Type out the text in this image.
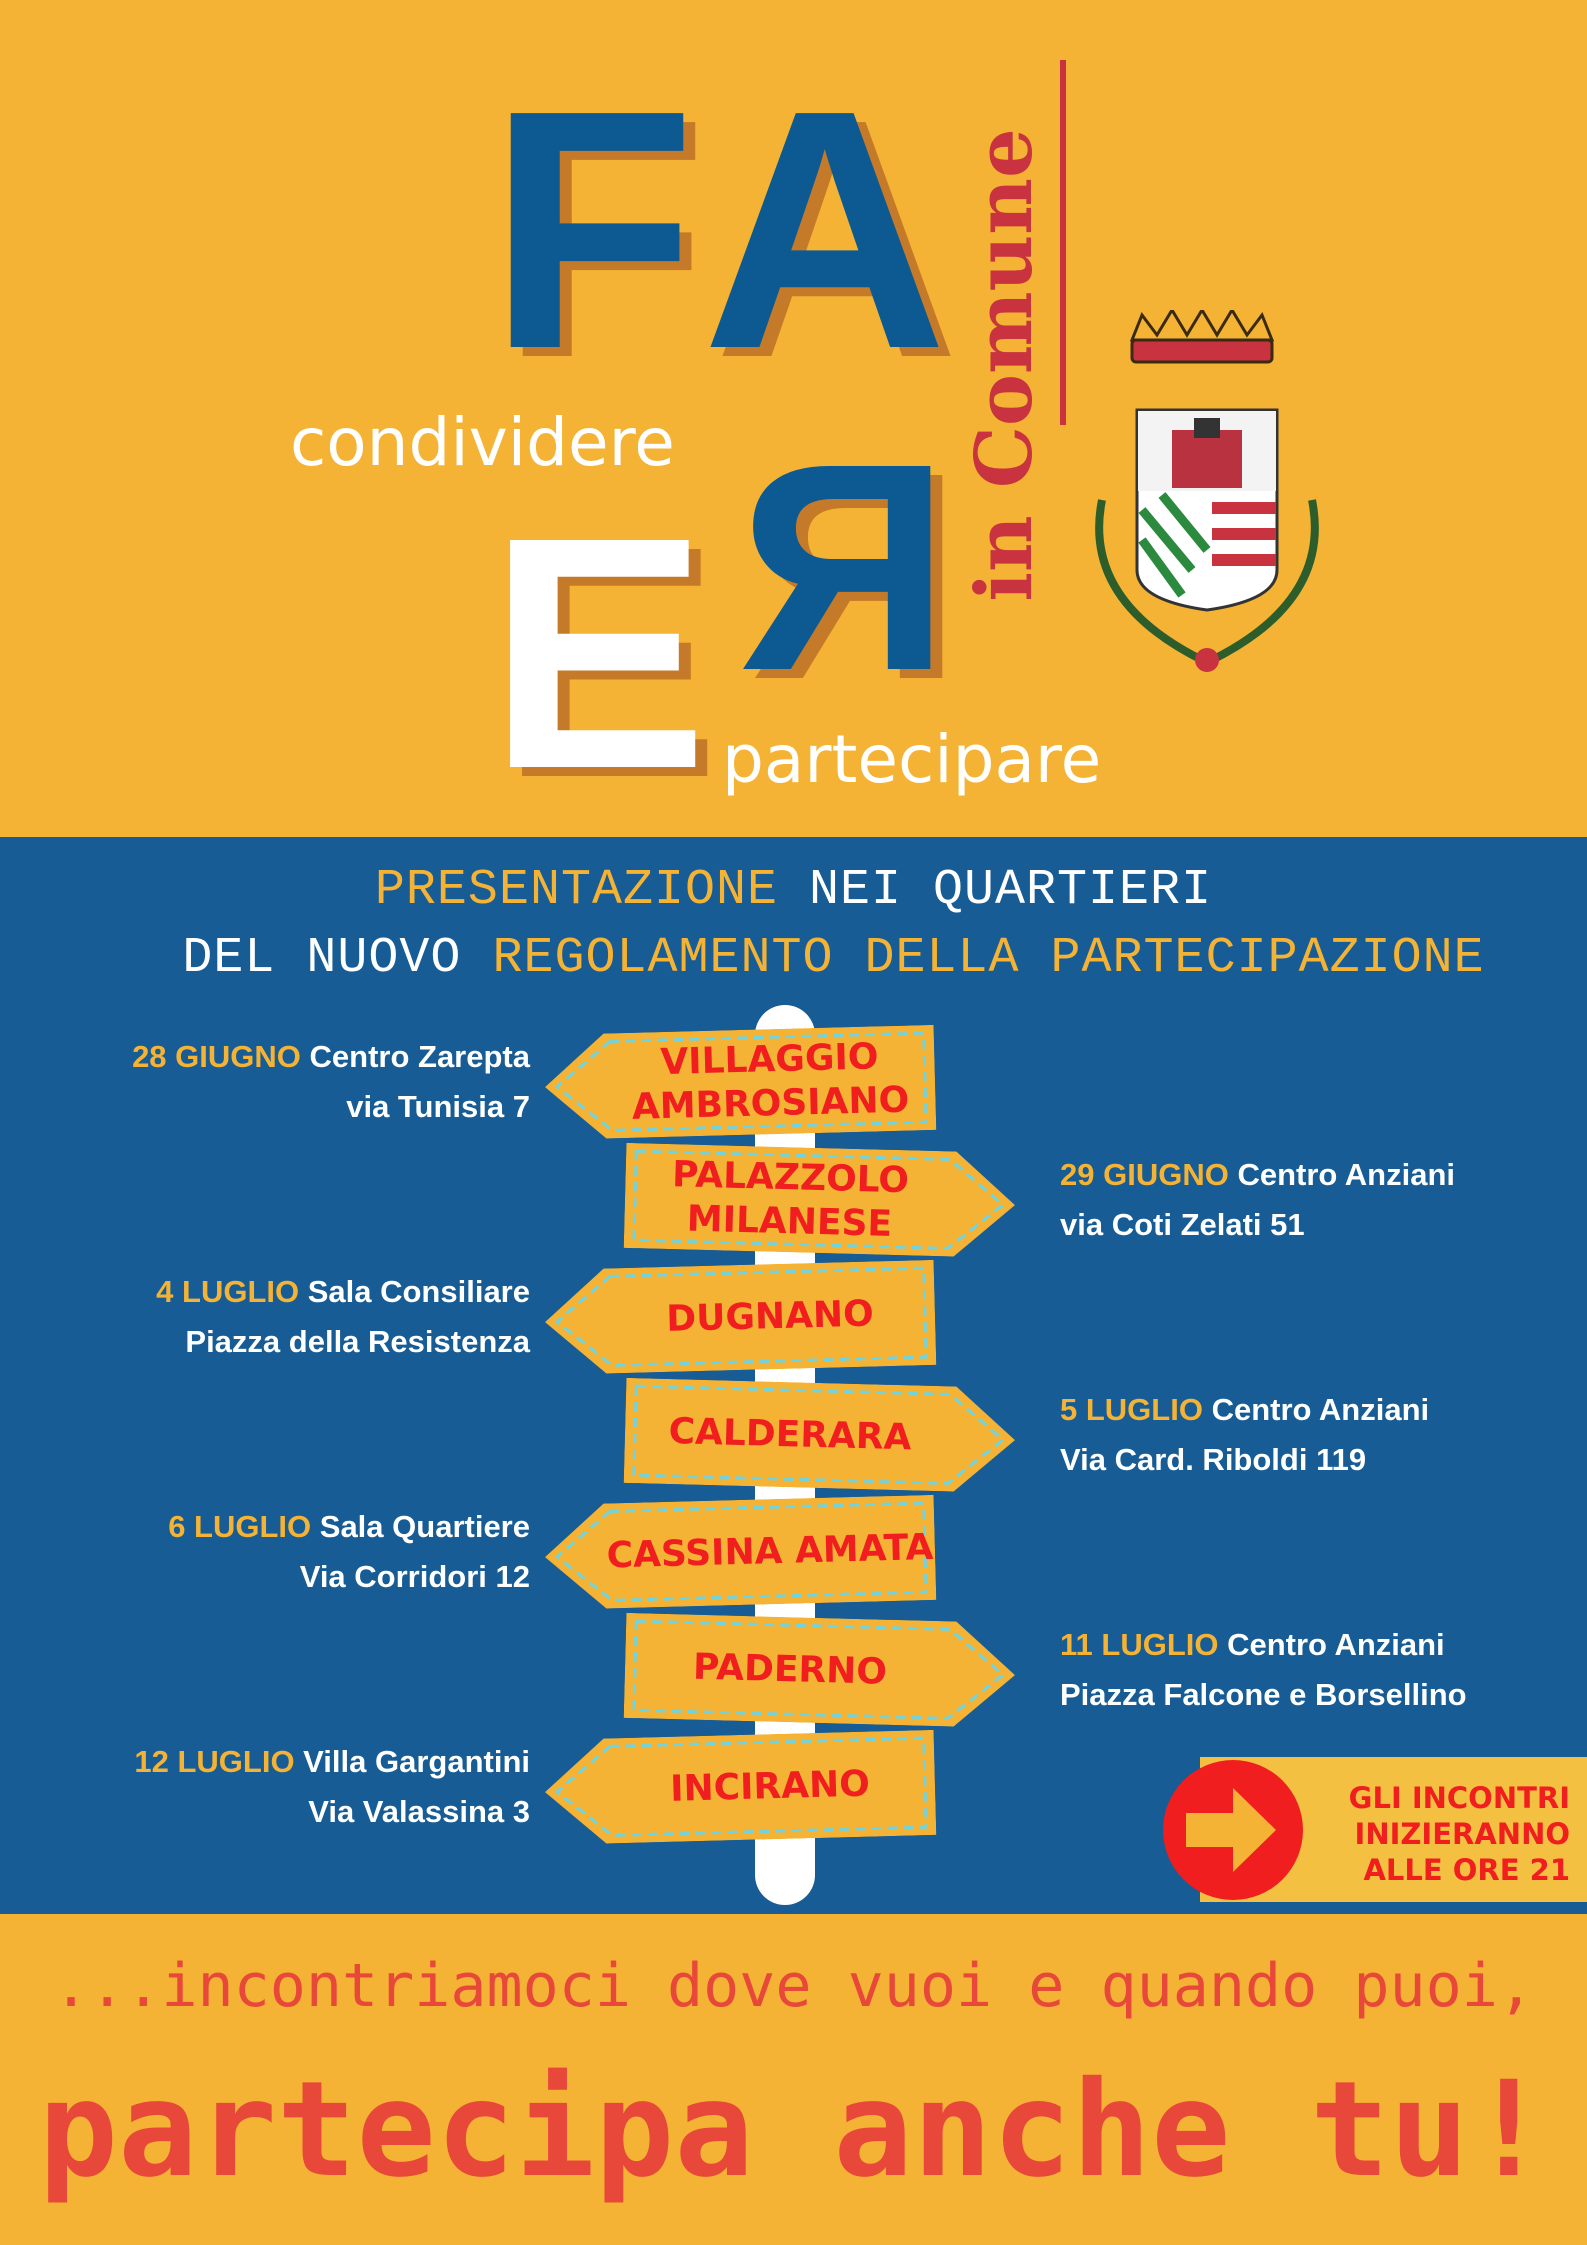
F A
condividere
E Я
partecipare
in Comune
PRESENTAZIONE NEI QUARTIERI
DEL NUOVO REGOLAMENTO DELLA PARTECIPAZIONE
VILLAGGIO AMBROSIANO
28 GIUGNO Centro Zarepta
via Tunisia 7
PALAZZOLO MILANESE
29 GIUGNO Centro Anziani
via Coti Zelati 51
DUGNANO
4 LUGLIO Sala Consiliare
Piazza della Resistenza
CALDERARA
5 LUGLIO Centro Anziani
Via Card. Riboldi 119
CASSINA AMATA
6 LUGLIO Sala Quartiere
Via Corridori 12
PADERNO
11 LUGLIO Centro Anziani
Piazza Falcone e Borsellino
INCIRANO
12 LUGLIO Villa Gargantini
Via Valassina 3	GLI INCONTRI
INIZIERANNO
ALLE ORE 21
...incontriamoci dove vuoi e quando puoi,
partecipa anche tu!
